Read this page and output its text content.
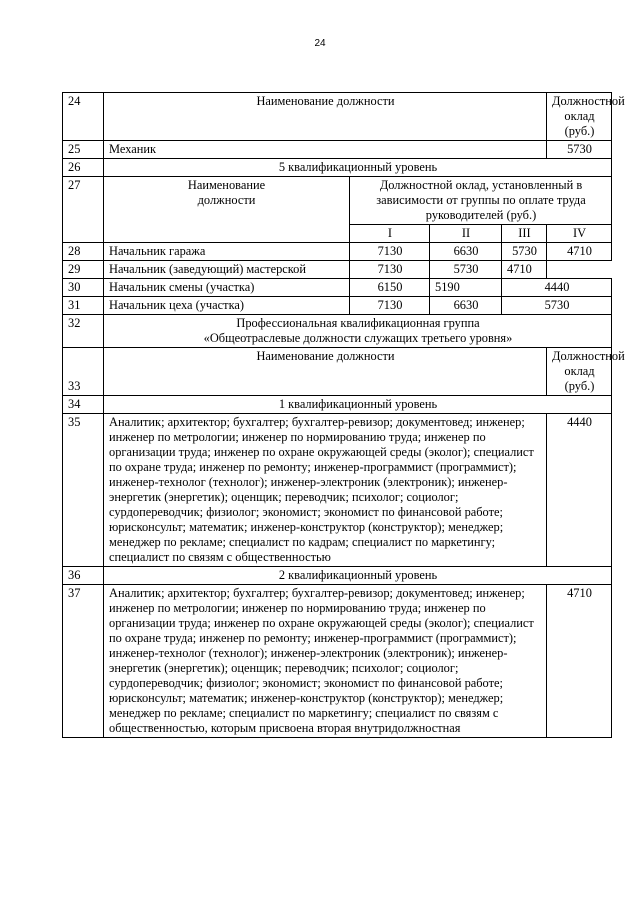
24
24	Наименование должности				Должностной оклад (руб.)
25	Механик				5730
26	5 квалификационный уровень				
27	Наименование должности	Должностной оклад, установленный в зависимости от группы по оплате труда руководителей (руб.)			
		I	II	III	IV
28	Начальник гаража	7130	6630	5730	4710
29	Начальник (заведующий) мастерской	7130	5730	4710	
30	Начальник смены (участка)	6150	5190	4440	
31	Начальник цеха (участка)	7130	6630	5730	
32	Профессиональная квалификационная группа
«Общеотраслевые должности служащих третьего уровня»				

33	Наименование должности				Должностной оклад (руб.)
34	1 квалификационный уровень				
35	Аналитик; архитектор; бухгалтер; бухгалтер-ревизор; документовед; инженер; инженер по метрологии; инженер по нормированию труда; инженер по организации труда; инженер по охране окружающей среды (эколог); специалист по охране труда; инженер по ремонту; инженер-программист (программист); инженер-технолог (технолог); инженер-электроник (электроник); инженер-энергетик (энергетик); оценщик; переводчик; психолог; социолог; сурдопереводчик; физиолог; экономист; экономист по финансовой работе; юрисконсульт; математик; инженер-конструктор (конструктор); менеджер; менеджер по рекламе; специалист по кадрам; специалист по маркетингу; специалист по связям с общественностью				4440
36	2 квалификационный уровень				
37	Аналитик; архитектор; бухгалтер; бухгалтер-ревизор; документовед; инженер; инженер по метрологии; инженер по нормированию труда; инженер по организации труда; инженер по охране окружающей среды (эколог); специалист по охране труда; инженер по ремонту; инженер-программист (программист); инженер-технолог (технолог); инженер-электроник (электроник); инженер-энергетик (энергетик); оценщик; переводчик; психолог; социолог; сурдопереводчик; физиолог; экономист; экономист по финансовой работе; юрисконсульт; математик; инженер-конструктор (конструктор); менеджер; менеджер по рекламе; специалист по маркетингу; специалист по связям с общественностью, которым присвоена вторая внутридолжностная				4710
